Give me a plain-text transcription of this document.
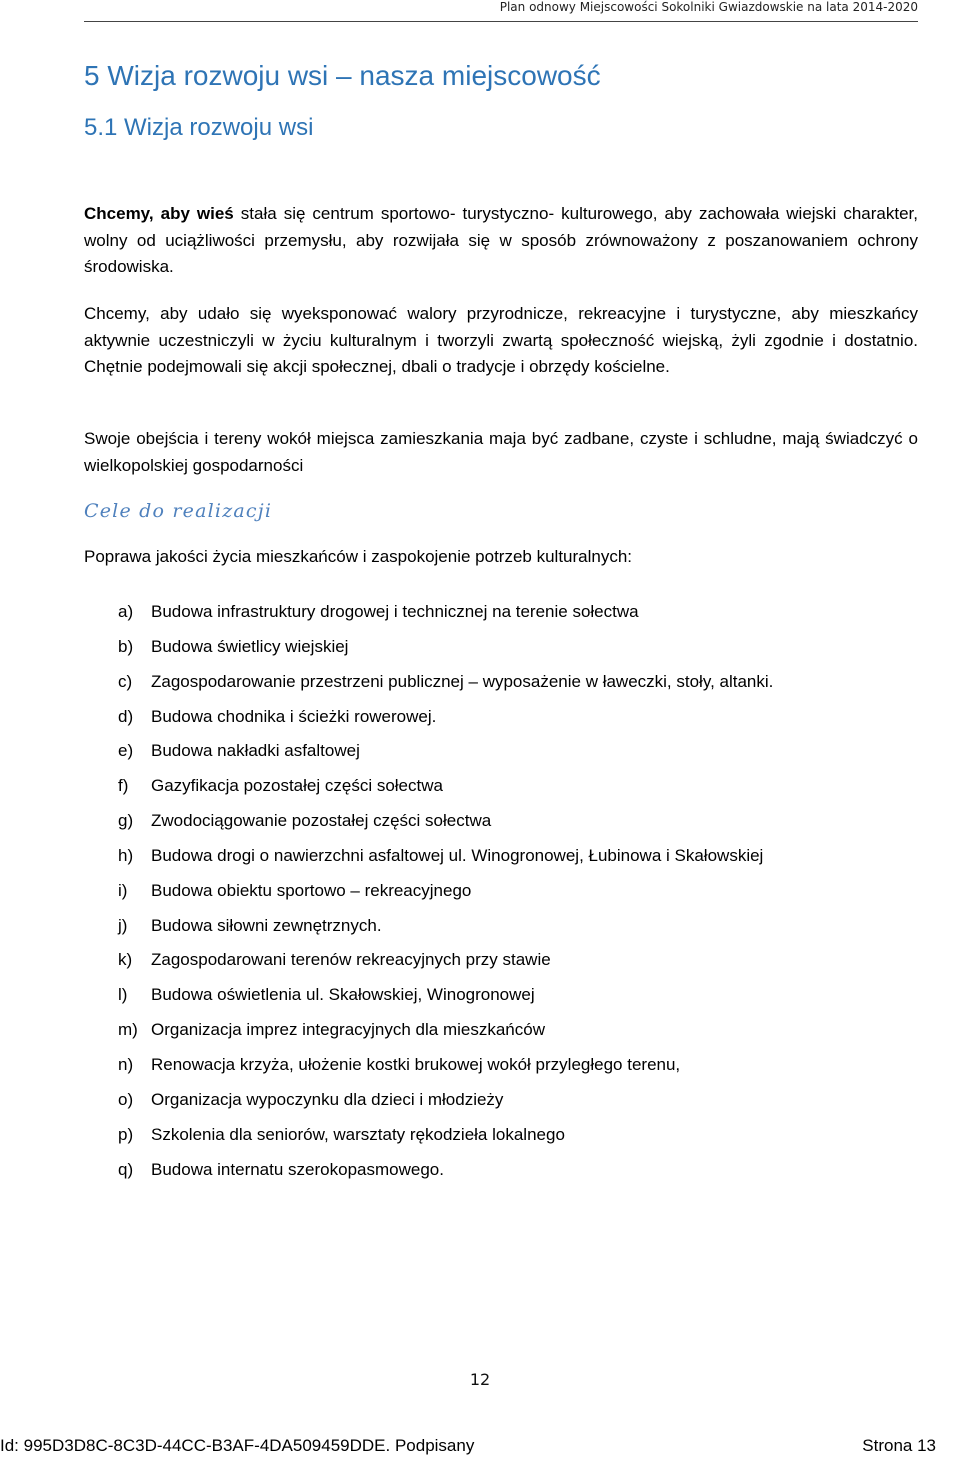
Plan odnowy Miejscowości Sokolniki Gwiazdowskie na lata 2014-2020
5 Wizja rozwoju wsi – nasza miejscowość
5.1 Wizja rozwoju wsi

Chcemy, aby wieś stała się centrum sportowo- turystyczno- kulturowego, aby zachowała wiejski charakter, wolny od uciążliwości przemysłu, aby rozwijała się w sposób zrównoważony z poszanowaniem ochrony środowiska.

Chcemy, aby udało się wyeksponować walory przyrodnicze, rekreacyjne i turystyczne, aby mieszkańcy aktywnie uczestniczyli w życiu kulturalnym i tworzyli zwartą społeczność wiejską, żyli zgodnie i dostatnio. Chętnie podejmowali się akcji społecznej, dbali o tradycje i obrzędy kościelne.

Swoje obejścia i tereny wokół miejsca zamieszkania maja być zadbane, czyste i schludne, mają świadczyć o wielkopolskiej gospodarności

Cele do realizacji
Poprawa jakości życia mieszkańców i zaspokojenie potrzeb kulturalnych:
a) Budowa infrastruktury drogowej i technicznej na terenie sołectwa
b) Budowa świetlicy wiejskiej
c) Zagospodarowanie przestrzeni publicznej – wyposażenie w ławeczki, stoły, altanki.
d) Budowa chodnika i ścieżki rowerowej.
e) Budowa nakładki asfaltowej
f) Gazyfikacja pozostałej części sołectwa
g) Zwodociągowanie pozostałej części sołectwa
h) Budowa drogi o nawierzchni asfaltowej ul. Winogronowej, Łubinowa i Skałowskiej
i) Budowa obiektu sportowo – rekreacyjnego
j) Budowa siłowni zewnętrznych.
k) Zagospodarowani terenów rekreacyjnych przy stawie
l) Budowa oświetlenia ul. Skałowskiej, Winogronowej
m) Organizacja imprez integracyjnych dla mieszkańców
n) Renowacja krzyża, ułożenie kostki brukowej wokół przyległego terenu,
o) Organizacja wypoczynku dla dzieci i młodzieży
p) Szkolenia dla seniorów, warsztaty rękodzieła lokalnego
q) Budowa internatu szerokopasmowego.
12
Id: 995D3D8C-8C3D-44CC-B3AF-4DA509459DDE. Podpisany	Strona 13
